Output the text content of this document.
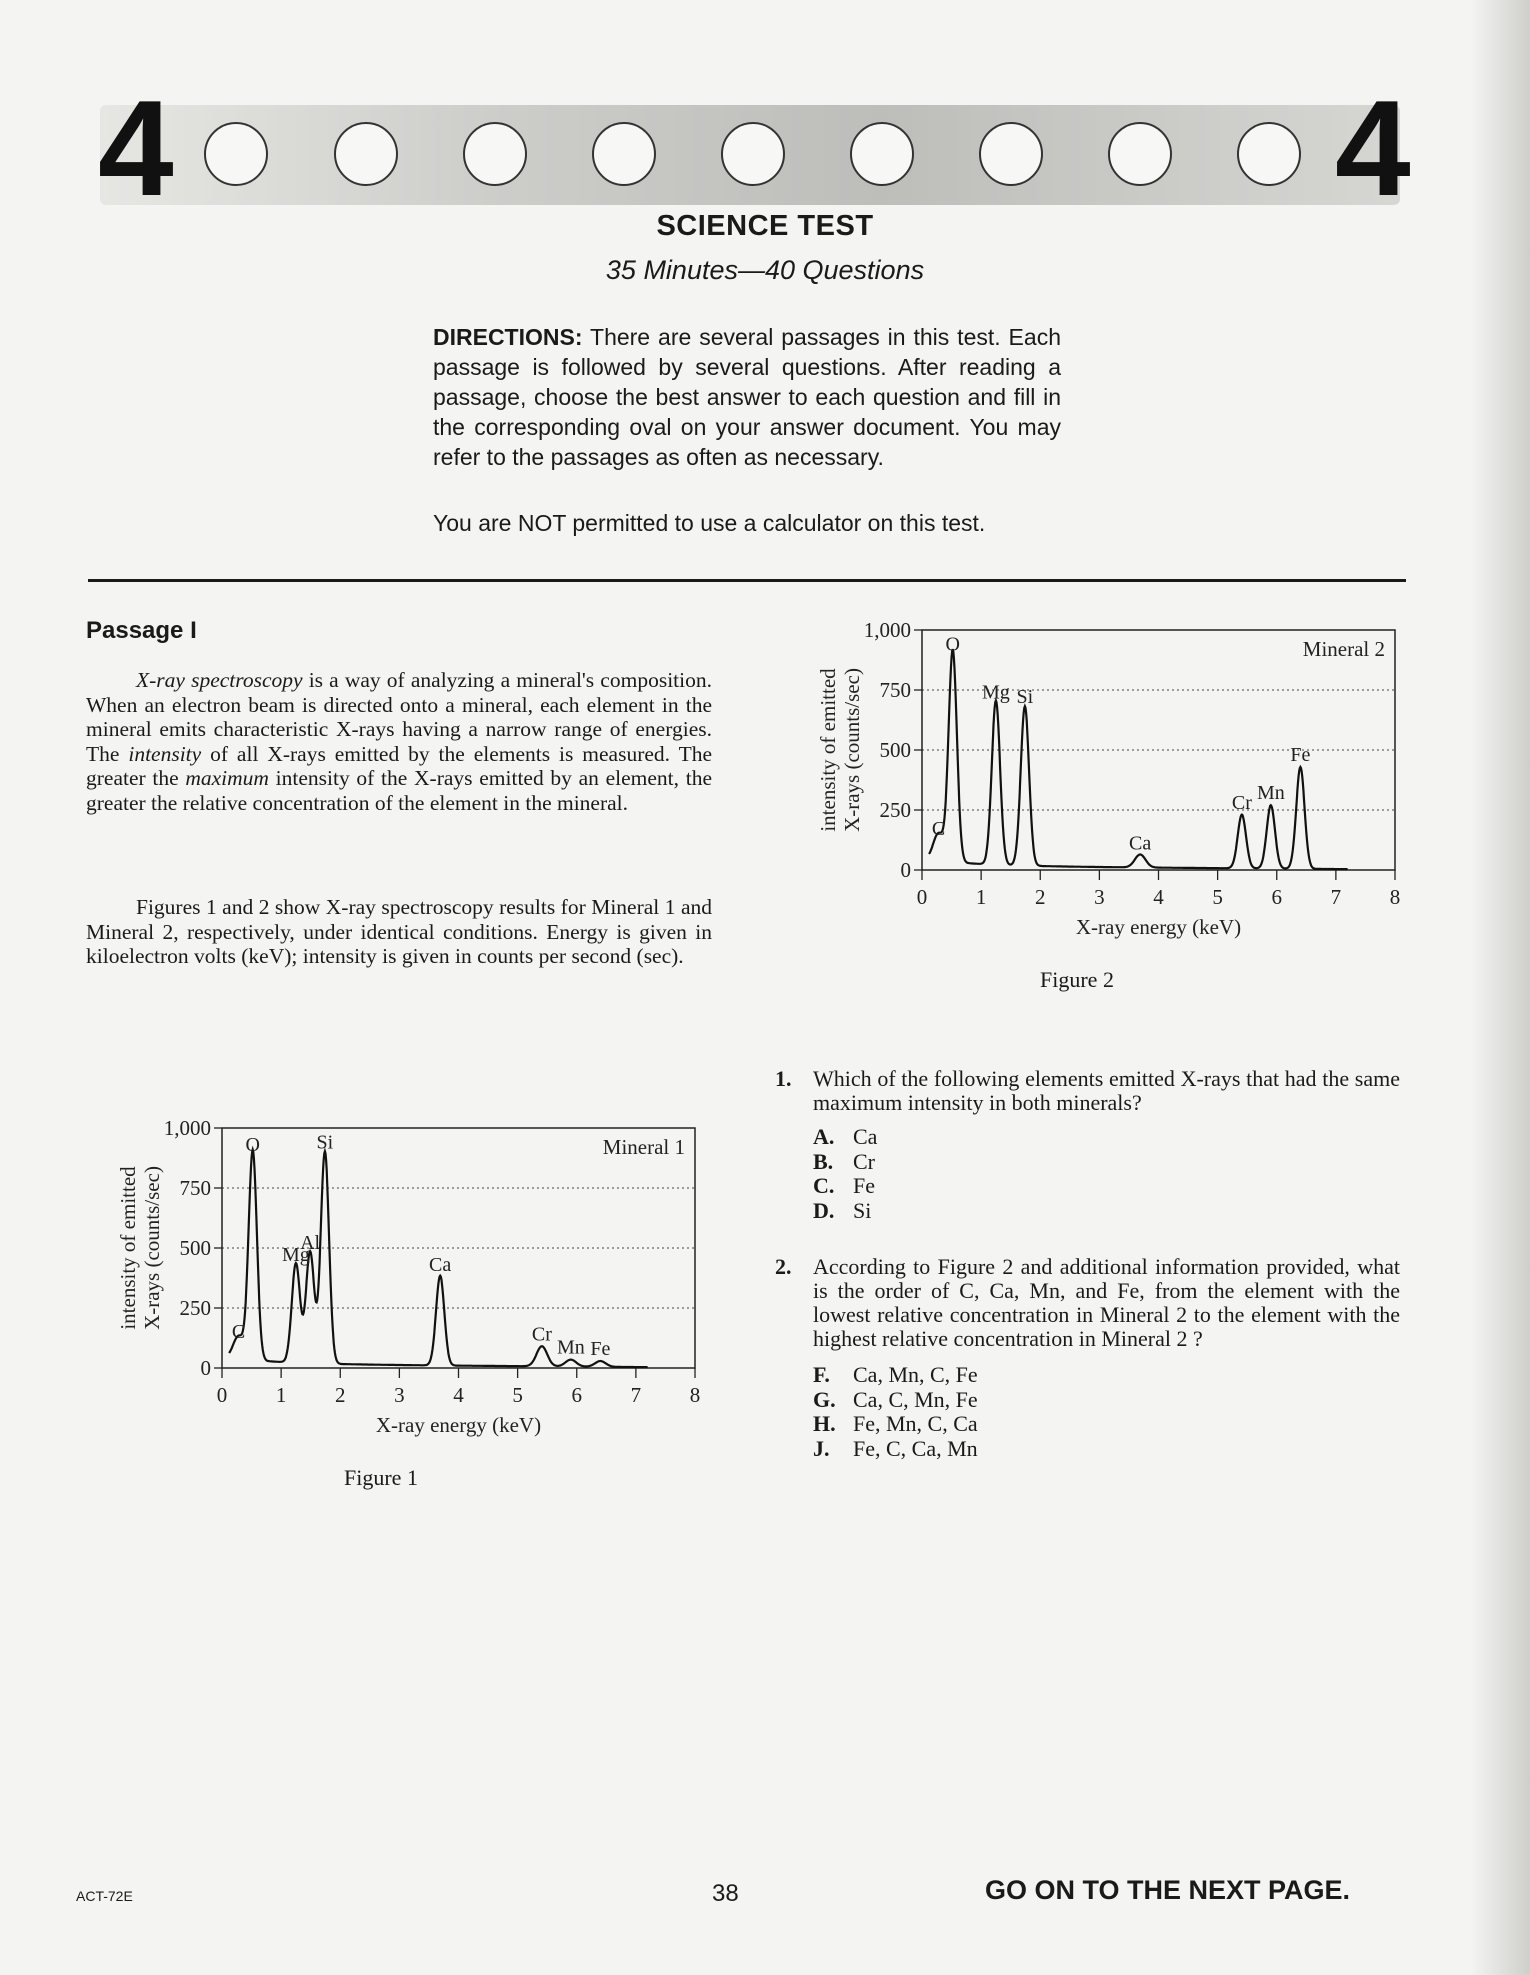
4	4
SCIENCE TEST
35 Minutes—40 Questions
DIRECTIONS: There are several passages in this test. Each passage is followed by several questions. After reading a passage, choose the best answer to each question and fill in the corresponding oval on your answer document. You may refer to the passages as often as necessary.
You are NOT permitted to use a calculator on this test.
Passage I
X-ray spectroscopy is a way of analyzing a mineral's composition. When an electron beam is directed onto a mineral, each element in the mineral emits characteristic X-rays having a narrow range of energies. The intensity of all X-rays emitted by the elements is measured. The greater the maximum intensity of the X-rays emitted by an element, the greater the relative concentration of the element in the mineral.
Figures 1 and 2 show X-ray spectroscopy results for Mineral 1 and Mineral 2, respectively, under identical conditions. Energy is given in kiloelectron volts (keV); intensity is given in counts per second (sec).
0
250
500
750
1,000
0 1 2 3 4 5 6 7 8
X-ray energy (keV)
intensity of emittedX-rays (counts/sec)
Mineral 1
C
O
Mg
Al
Si
Ca
Cr
Mn Fe
Figure 1
0
250
500
750
1,000
0 1 2 3 4 5 6 7 8
X-ray energy (keV)
intensity of emittedX-rays (counts/sec)
Mineral 2
C
O
Mg Si
Ca
Cr Mn
Fe
Figure 2
1. Which of the following elements emitted X-rays that had the same maximum intensity in both minerals?
A. Ca
B. Cr
C. Fe
D. Si
2. According to Figure 2 and additional information provided, what is the order of C, Ca, Mn, and Fe, from the element with the lowest relative concentration in Mineral 2 to the element with the highest relative concentration in Mineral 2 ?
F. Ca, Mn, C, Fe
G. Ca, C, Mn, Fe
H. Fe, Mn, C, Ca
J. Fe, C, Ca, Mn
ACT-72E	38	GO ON TO THE NEXT PAGE.
